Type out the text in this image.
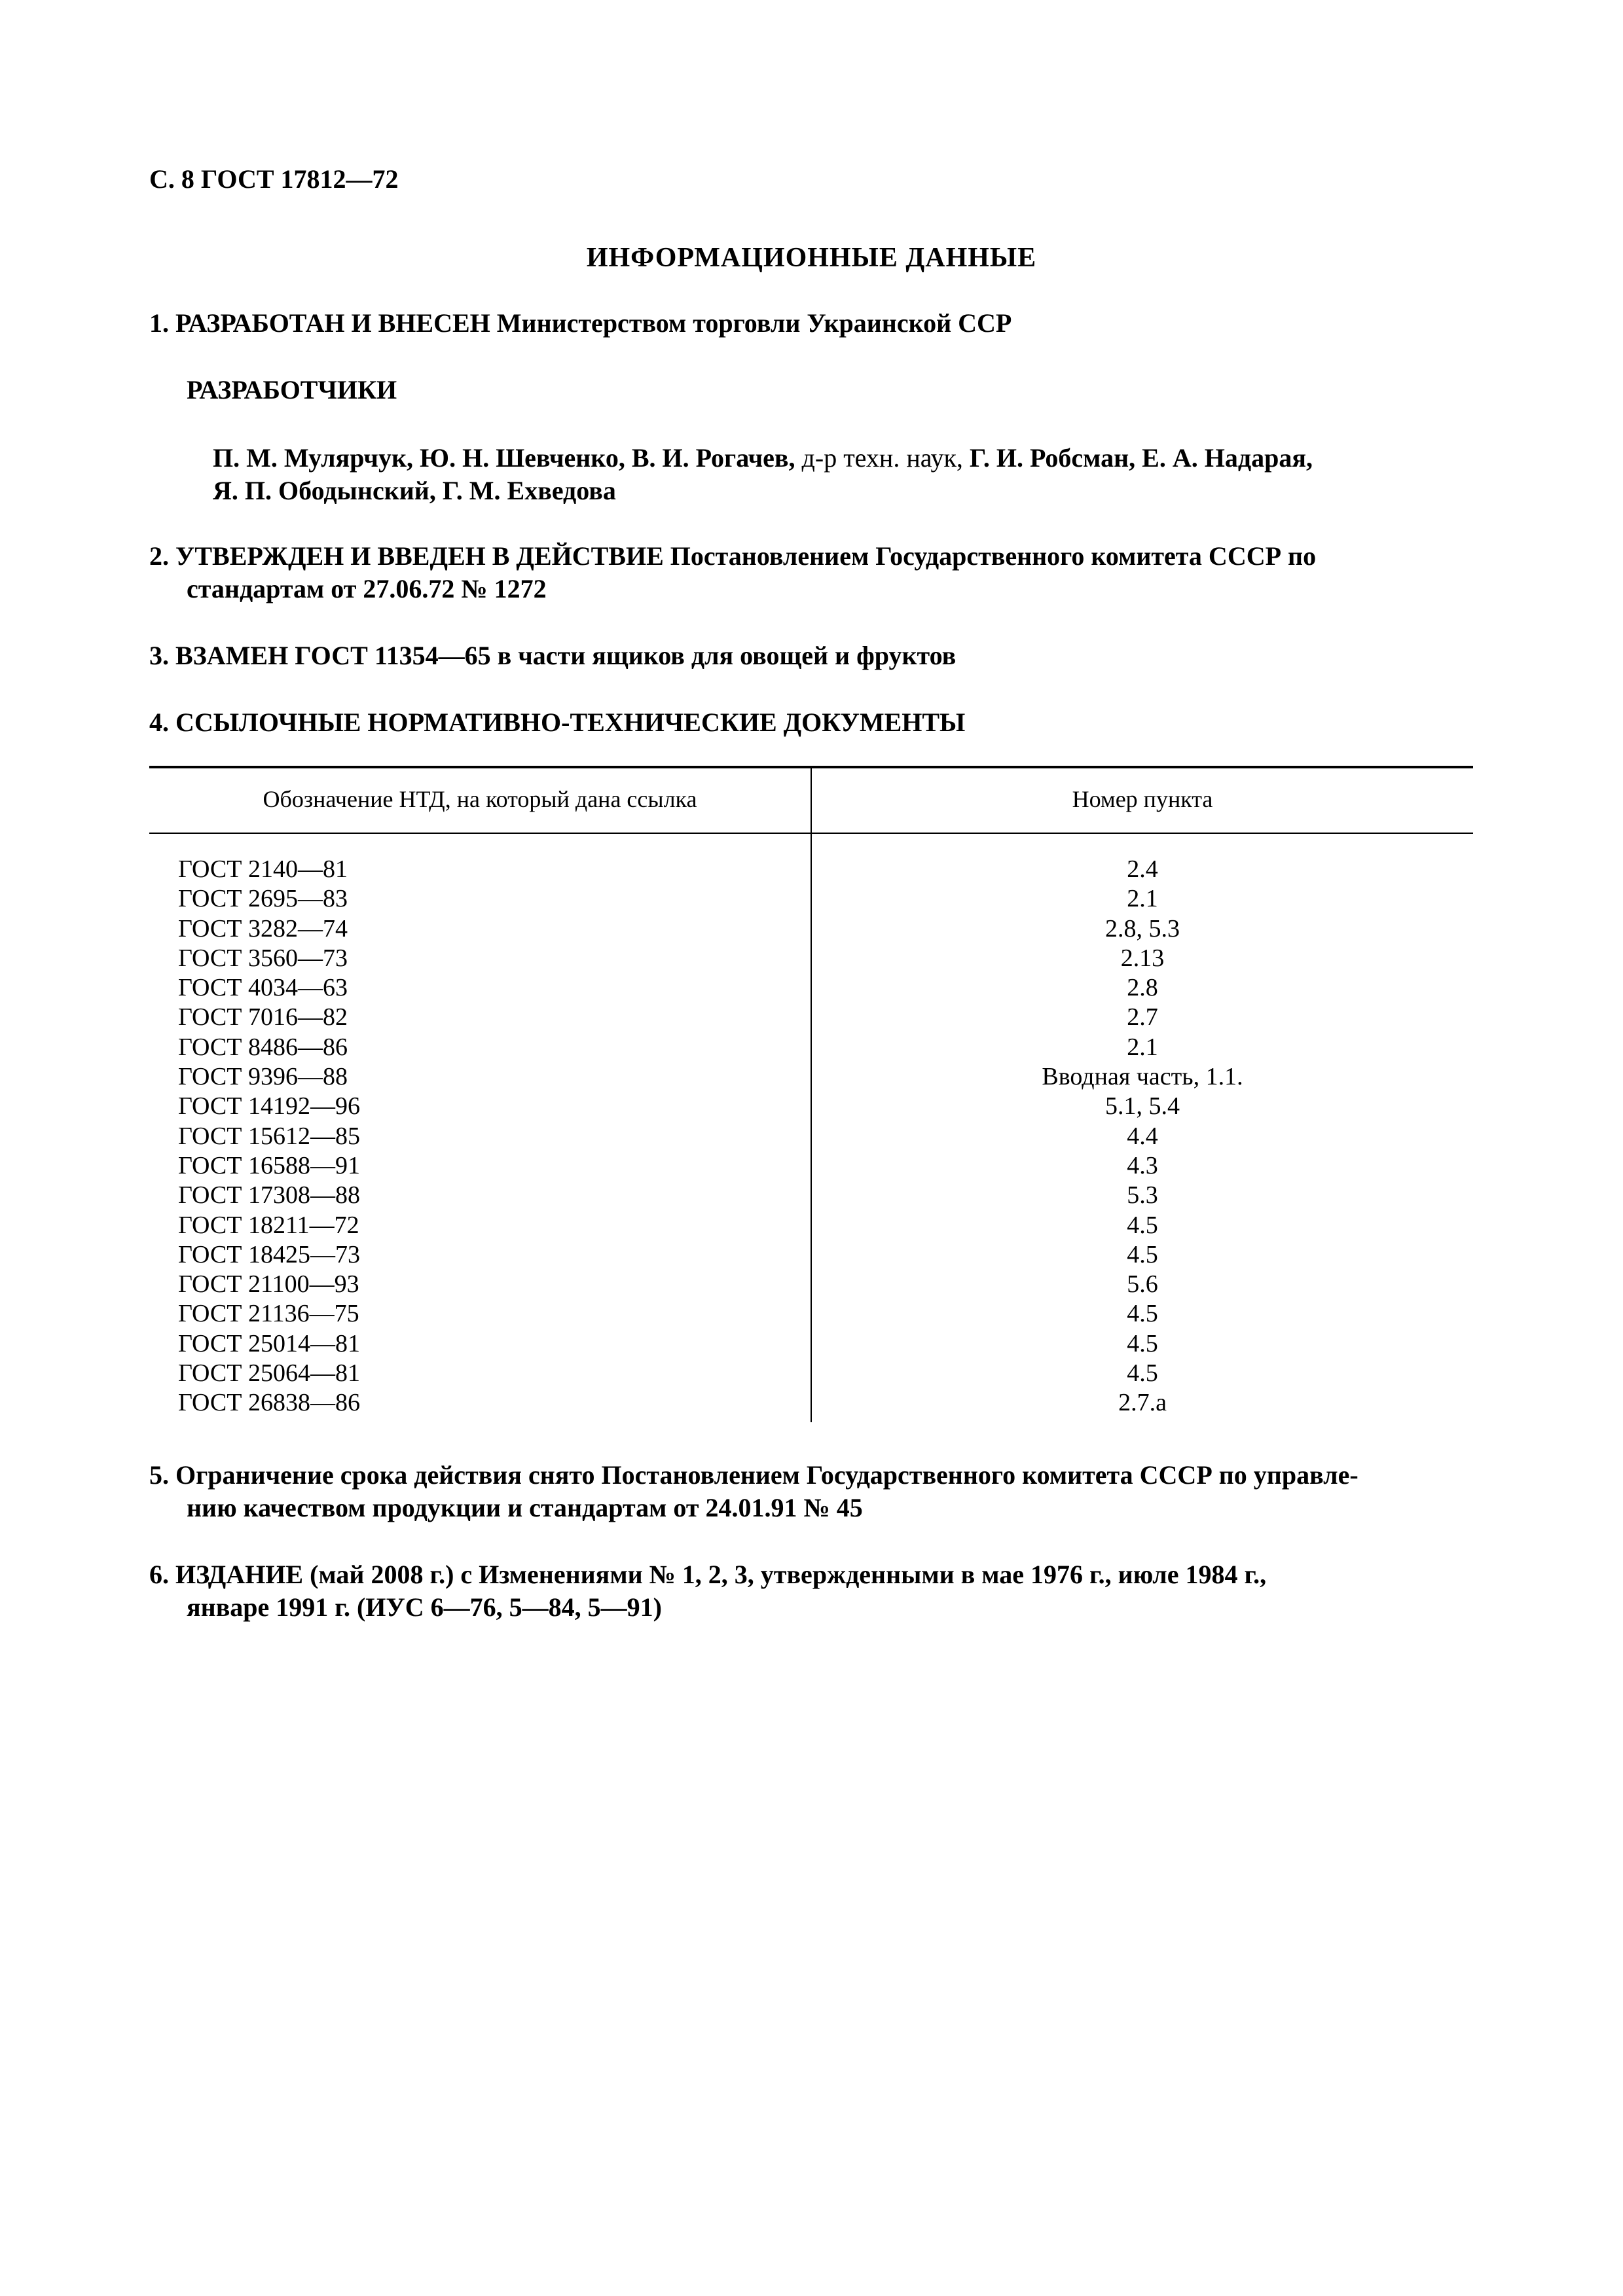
С. 8 ГОСТ 17812—72
ИНФОРМАЦИОННЫЕ ДАННЫЕ
1. РАЗРАБОТАН И ВНЕСЕН Министерством торговли Украинской ССР
РАЗРАБОТЧИКИ
П. М. Мулярчук, Ю. Н. Шевченко, В. И. Рогачев, д-р техн. наук, Г. И. Робсман, Е. А. Надарая,
Я. П. Ободынский, Г. М. Ехведова
2. УТВЕРЖДЕН И ВВЕДЕН В ДЕЙСТВИЕ Постановлением Государственного комитета СССР по
стандартам от 27.06.72 № 1272
3. ВЗАМЕН ГОСТ 11354—65 в части ящиков для овощей и фруктов
4. ССЫЛОЧНЫЕ НОРМАТИВНО-ТЕХНИЧЕСКИЕ ДОКУМЕНТЫ
Обозначение НТД, на который дана ссылка	Номер пункта
ГОСТ 2140—81	2.4
ГОСТ 2695—83	2.1
ГОСТ 3282—74	2.8, 5.3
ГОСТ 3560—73	2.13
ГОСТ 4034—63	2.8
ГОСТ 7016—82	2.7
ГОСТ 8486—86	2.1
ГОСТ 9396—88	Вводная часть, 1.1.
ГОСТ 14192—96	5.1, 5.4
ГОСТ 15612—85	4.4
ГОСТ 16588—91	4.3
ГОСТ 17308—88	5.3
ГОСТ 18211—72	4.5
ГОСТ 18425—73	4.5
ГОСТ 21100—93	5.6
ГОСТ 21136—75	4.5
ГОСТ 25014—81	4.5
ГОСТ 25064—81	4.5
ГОСТ 26838—86	2.7.а
5. Ограничение срока действия снято Постановлением Государственного комитета СССР по управле-
нию качеством продукции и стандартам от 24.01.91 № 45
6. ИЗДАНИЕ (май 2008 г.) с Изменениями № 1, 2, 3, утвержденными в мае 1976 г., июле 1984 г.,
январе 1991 г. (ИУС 6—76, 5—84, 5—91)
